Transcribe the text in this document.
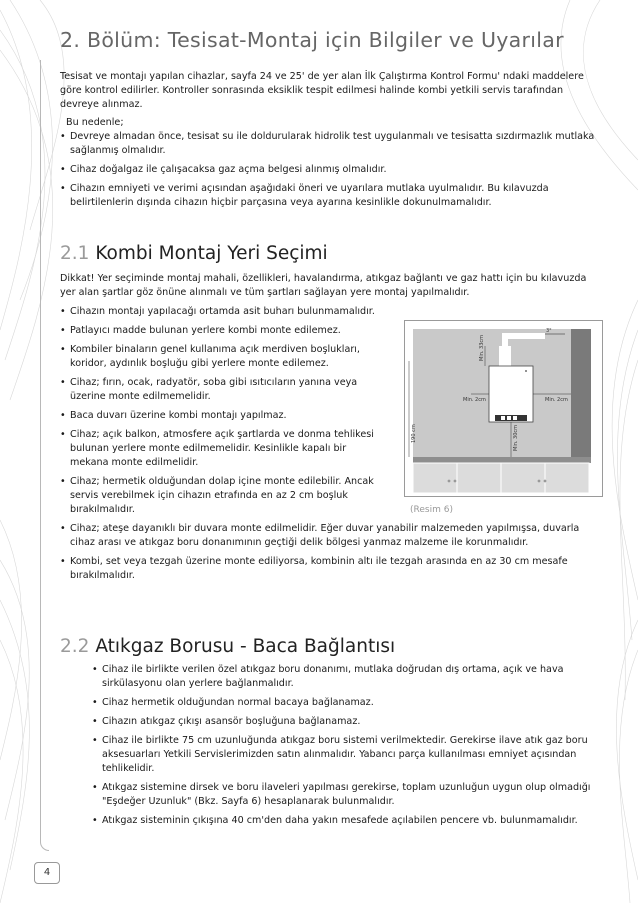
4
2. Bölüm: Tesisat-Montaj için Bilgiler ve Uyarılar

Tesisat ve montajı yapılan cihazlar, sayfa 24 ve 25' de yer alan İlk Çalıştırma Kontrol Formu' ndaki maddelere göre kontrol edilirler. Kontroller sonrasında eksiklik tespit edilmesi halinde kombi yetkili servis tarafından devreye alınmaz.

Bu nedenle;

• Devreye almadan önce, tesisat su ile doldurularak hidrolik test uygulanmalı ve tesisatta sızdırmazlık mutlaka sağlanmış olmalıdır.

• Cihaz doğalgaz ile çalışacaksa gaz açma belgesi alınmış olmalıdır.

• Cihazın emniyeti ve verimi açısından aşağıdaki öneri ve uyarılara mutlaka uyulmalıdır. Bu kılavuzda belirtilenlerin dışında cihazın hiçbir parçasına veya ayarına kesinlikle dokunulmamalıdır.

2.1 Kombi Montaj Yeri Seçimi

Dikkat! Yer seçiminde montaj mahali, özellikleri, havalandırma, atıkgaz bağlantı ve gaz hattı için bu kılavuzda yer alan şartlar göz önüne alınmalı ve tüm şartları sağlayan yere montaj yapılmalıdır.

• Cihazın montajı yapılacağı ortamda asit buharı bulunmamalıdır.

• Patlayıcı madde bulunan yerlere kombi monte edilemez.

• Kombiler binaların genel kullanıma açık merdiven boşlukları, koridor, aydınlık boşluğu gibi yerlere monte edilemez.

• Cihaz; fırın, ocak, radyatör, soba gibi ısıtıcıların yanına veya üzerine monte edilmemelidir.

• Baca duvarı üzerine kombi montajı yapılmaz.

• Cihaz; açık balkon, atmosfere açık şartlarda ve donma tehlikesi bulunan yerlere monte edilmemelidir. Kesinlikle kapalı bir mekana monte edilmelidir.

• Cihaz; hermetik olduğundan dolap içine monte edilebilir. Ancak servis verebilmek için cihazın etrafında en az 2 cm boşluk bırakılmalıdır.

• Cihaz; ateşe dayanıklı bir duvara monte edilmelidir. Eğer duvar yanabilir malzemeden yapılmışsa, duvarla cihaz arası ve atıkgaz boru donanımının geçtiği delik bölgesi yanmaz malzeme ile korunmalıdır.

• Kombi, set veya tezgah üzerine monte ediliyorsa, kombinin altı ile tezgah arasında en az 30 cm mesafe bırakılmalıdır.

3°
Min. 33cm
Min. 2cm	Min. 2cm
Min. 30cm
190 cm
(Resim 6)
2.2 Atıkgaz Borusu - Baca Bağlantısı

• Cihaz ile birlikte verilen özel atıkgaz boru donanımı, mutlaka doğrudan dış ortama, açık ve hava sirkülasyonu olan yerlere bağlanmalıdır.

• Cihaz hermetik olduğundan normal bacaya bağlanamaz.

• Cihazın atıkgaz çıkışı asansör boşluğuna bağlanamaz.

• Cihaz ile birlikte 75 cm uzunluğunda atıkgaz boru sistemi verilmektedir. Gerekirse ilave atık gaz boru aksesuarları Yetkili Servislerimizden satın alınmalıdır. Yabancı parça kullanılması emniyet açısından tehlikelidir.

• Atıkgaz sistemine dirsek ve boru ilaveleri yapılması gerekirse, toplam uzunluğun uygun olup olmadığı "Eşdeğer Uzunluk" (Bkz. Sayfa 6) hesaplanarak bulunmalıdır.

• Atıkgaz sisteminin çıkışına 40 cm'den daha yakın mesafede açılabilen pencere vb. bulunmamalıdır.
